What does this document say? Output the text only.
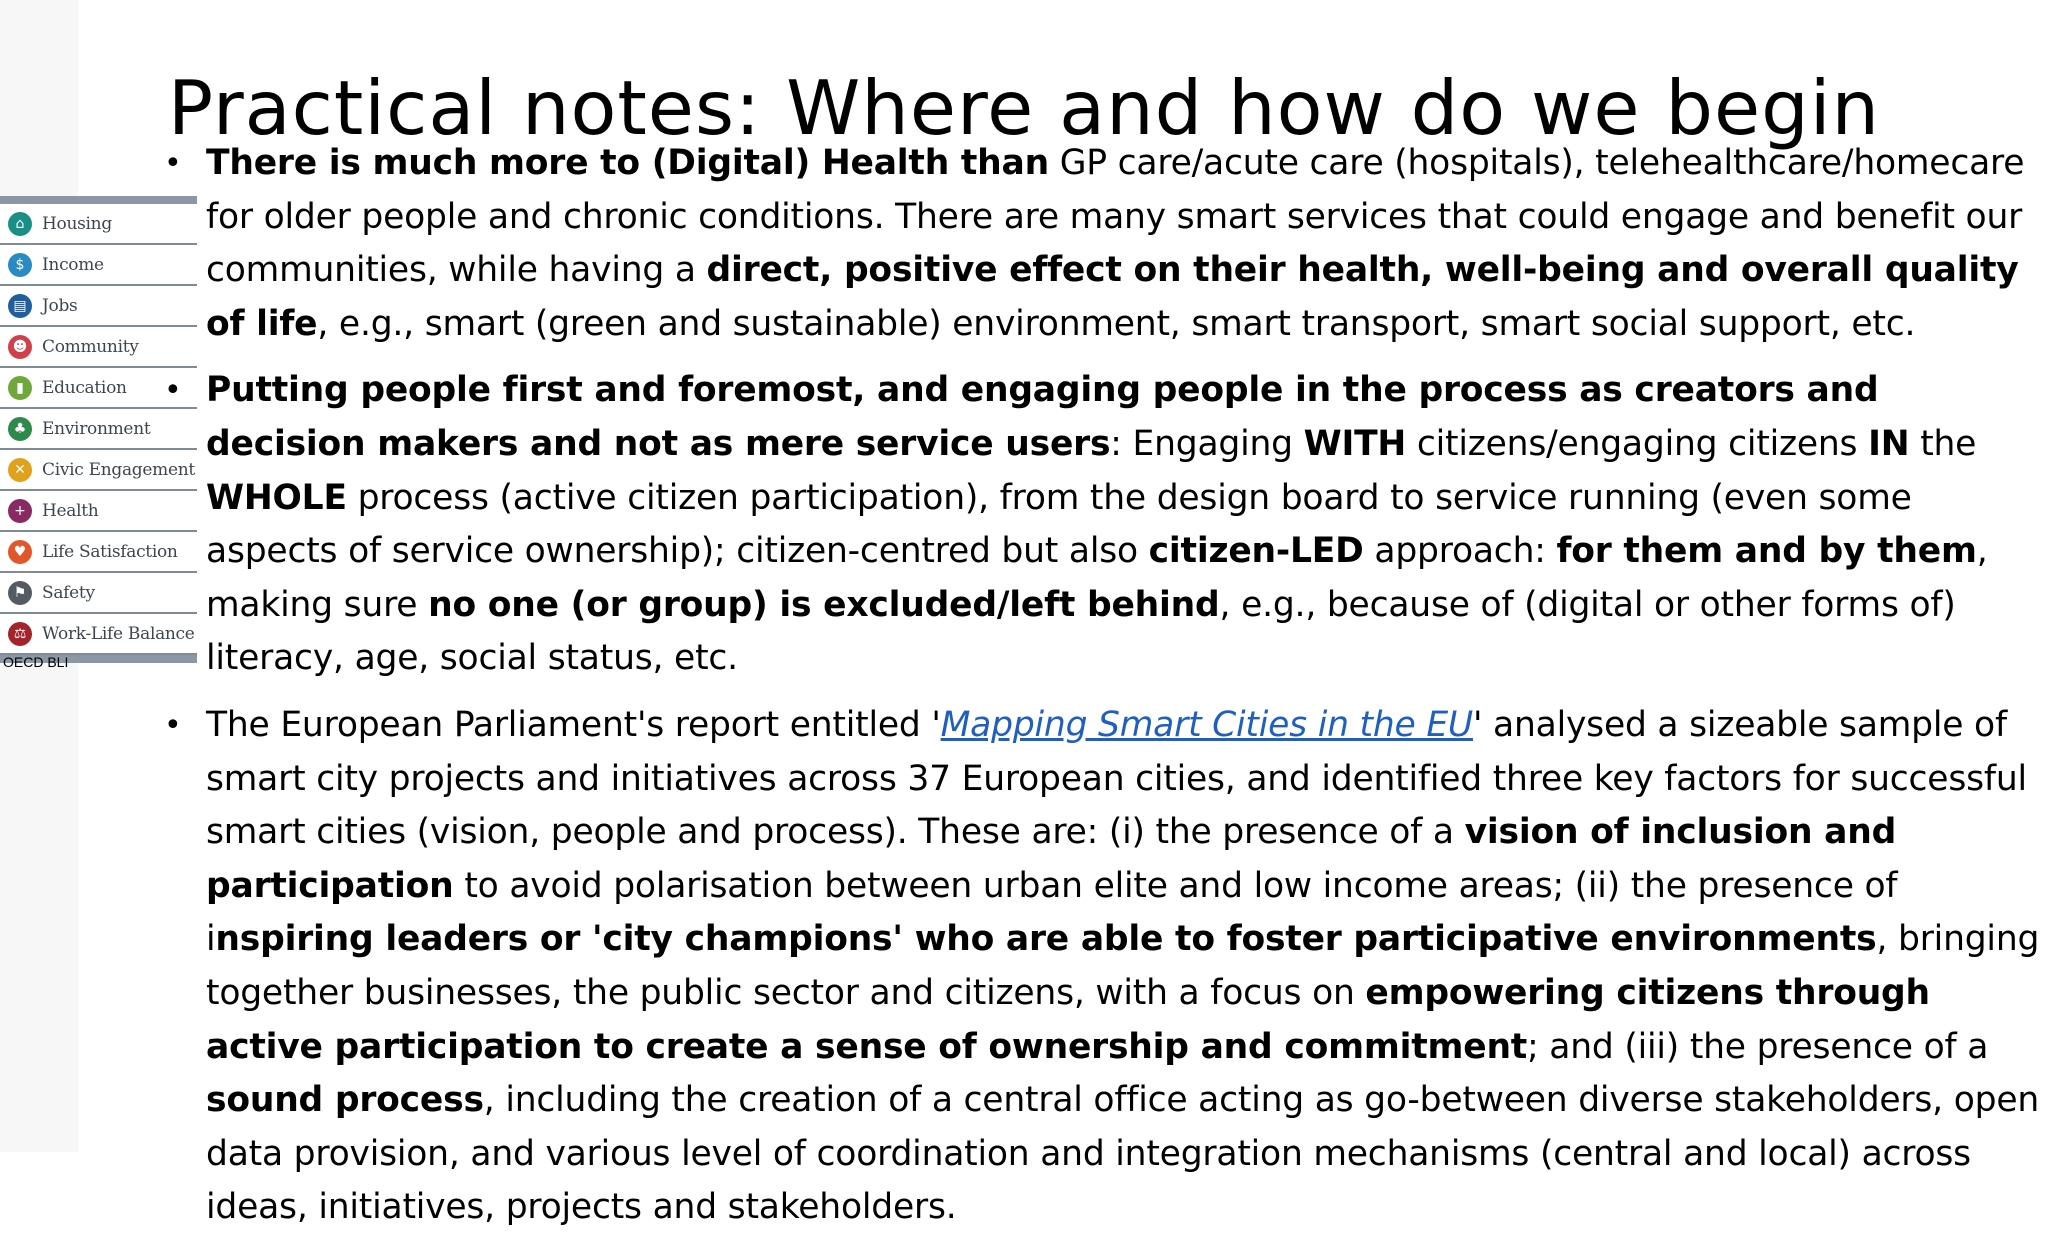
Practical notes: Where and how do we begin
⌂	Housing
$	Income
▤ Jobs
☻ Community
▮	Education
♣ Environment
✕ Civic Engagement
+ Health
♥ Life Satisfaction
⚑ Safety
⚖ Work-Life Balance
OECD BLI
• There is much more to (Digital) Health than GP care/acute care (hospitals), telehealthcare/homecare for older people and chronic conditions. There are many smart services that could engage and benefit our communities, while having a direct, positive effect on their health, well-being and overall quality of life, e.g., smart (green and sustainable) environment, smart transport, smart social support, etc.
• Putting people first and foremost, and engaging people in the process as creators and decision makers and not as mere service users: Engaging WITH citizens/engaging citizens IN the WHOLE process (active citizen participation), from the design board to service running (even some aspects of service ownership); citizen-centred but also citizen-LED approach: for them and by them, making sure no one (or group) is excluded/left behind, e.g., because of (digital or other forms of) literacy, age, social status, etc.
• The European Parliament's report entitled 'Mapping Smart Cities in the EU' analysed a sizeable sample of smart city projects and initiatives across 37 European cities, and identified three key factors for successful smart cities (vision, people and process). These are: (i) the presence of a vision of inclusion and participation to avoid polarisation between urban elite and low income areas; (ii) the presence of inspiring leaders or 'city champions' who are able to foster participative environments, bringing together businesses, the public sector and citizens, with a focus on empowering citizens through active participation to create a sense of ownership and commitment; and (iii) the presence of a sound process, including the creation of a central office acting as go-between diverse stakeholders, open data provision, and various level of coordination and integration mechanisms (central and local) across ideas, initiatives, projects and stakeholders.
